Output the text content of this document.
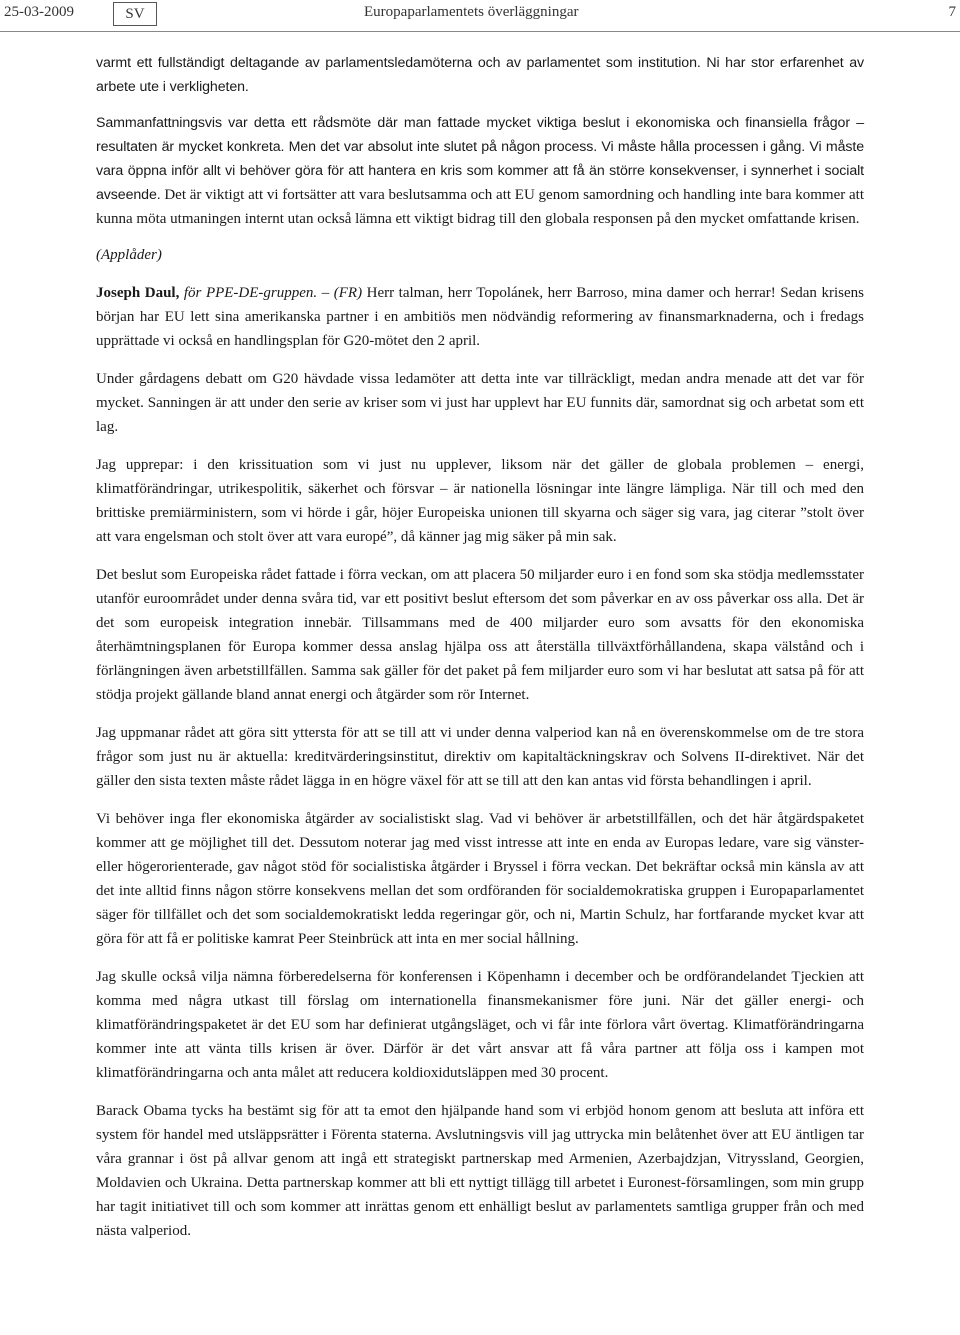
25-03-2009	SV	Europaparlamentets överläggningar	7

varmt ett fullständigt deltagande av parlamentsledamöterna och av parlamentet som institution. Ni har stor erfarenhet av arbete ute i verkligheten.

Sammanfattningsvis var detta ett rådsmöte där man fattade mycket viktiga beslut i ekonomiska och finansiella frågor – resultaten är mycket konkreta. Men det var absolut inte slutet på någon process. Vi måste hålla processen i gång. Vi måste vara öppna inför allt vi behöver göra för att hantera en kris som kommer att få än större konsekvenser, i synnerhet i socialt avseende. Det är viktigt att vi fortsätter att vara beslutsamma och att EU genom samordning och handling inte bara kommer att kunna möta utmaningen internt utan också lämna ett viktigt bidrag till den globala responsen på den mycket omfattande krisen.

(Applåder)

Joseph Daul, för PPE-DE-gruppen. – (FR) Herr talman, herr Topolánek, herr Barroso, mina damer och herrar! Sedan krisens början har EU lett sina amerikanska partner i en ambitiös men nödvändig reformering av finansmarknaderna, och i fredags upprättade vi också en handlingsplan för G20-mötet den 2 april.

Under gårdagens debatt om G20 hävdade vissa ledamöter att detta inte var tillräckligt, medan andra menade att det var för mycket. Sanningen är att under den serie av kriser som vi just har upplevt har EU funnits där, samordnat sig och arbetat som ett lag.

Jag upprepar: i den krissituation som vi just nu upplever, liksom när det gäller de globala problemen – energi, klimatförändringar, utrikespolitik, säkerhet och försvar – är nationella lösningar inte längre lämpliga. När till och med den brittiske premiärministern, som vi hörde i går, höjer Europeiska unionen till skyarna och säger sig vara, jag citerar ”stolt över att vara engelsman och stolt över att vara europé”, då känner jag mig säker på min sak.

Det beslut som Europeiska rådet fattade i förra veckan, om att placera 50 miljarder euro i en fond som ska stödja medlemsstater utanför euroområdet under denna svåra tid, var ett positivt beslut eftersom det som påverkar en av oss påverkar oss alla. Det är det som europeisk integration innebär. Tillsammans med de 400 miljarder euro som avsatts för den ekonomiska återhämtningsplanen för Europa kommer dessa anslag hjälpa oss att återställa tillväxtförhållandena, skapa välstånd och i förlängningen även arbetstillfällen. Samma sak gäller för det paket på fem miljarder euro som vi har beslutat att satsa på för att stödja projekt gällande bland annat energi och åtgärder som rör Internet.

Jag uppmanar rådet att göra sitt yttersta för att se till att vi under denna valperiod kan nå en överenskommelse om de tre stora frågor som just nu är aktuella: kreditvärderingsinstitut, direktiv om kapitaltäckningskrav och Solvens II-direktivet. När det gäller den sista texten måste rådet lägga in en högre växel för att se till att den kan antas vid första behandlingen i april.

Vi behöver inga fler ekonomiska åtgärder av socialistiskt slag. Vad vi behöver är arbetstillfällen, och det här åtgärdspaketet kommer att ge möjlighet till det. Dessutom noterar jag med visst intresse att inte en enda av Europas ledare, vare sig vänster- eller högerorienterade, gav något stöd för socialistiska åtgärder i Bryssel i förra veckan. Det bekräftar också min känsla av att det inte alltid finns någon större konsekvens mellan det som ordföranden för socialdemokratiska gruppen i Europaparlamentet säger för tillfället och det som socialdemokratiskt ledda regeringar gör, och ni, Martin Schulz, har fortfarande mycket kvar att göra för att få er politiske kamrat Peer Steinbrück att inta en mer social hållning.

Jag skulle också vilja nämna förberedelserna för konferensen i Köpenhamn i december och be ordförandelandet Tjeckien att komma med några utkast till förslag om internationella finansmekanismer före juni. När det gäller energi- och klimatförändringspaketet är det EU som har definierat utgångsläget, och vi får inte förlora vårt övertag. Klimatförändringarna kommer inte att vänta tills krisen är över. Därför är det vårt ansvar att få våra partner att följa oss i kampen mot klimatförändringarna och anta målet att reducera koldioxidutsläppen med 30 procent.

Barack Obama tycks ha bestämt sig för att ta emot den hjälpande hand som vi erbjöd honom genom att besluta att införa ett system för handel med utsläppsrätter i Förenta staterna. Avslutningsvis vill jag uttrycka min belåtenhet över att EU äntligen tar våra grannar i öst på allvar genom att ingå ett strategiskt partnerskap med Armenien, Azerbajdzjan, Vitryssland, Georgien, Moldavien och Ukraina. Detta partnerskap kommer att bli ett nyttigt tillägg till arbetet i Euronest-församlingen, som min grupp har tagit initiativet till och som kommer att inrättas genom ett enhälligt beslut av parlamentets samtliga grupper från och med nästa valperiod.
